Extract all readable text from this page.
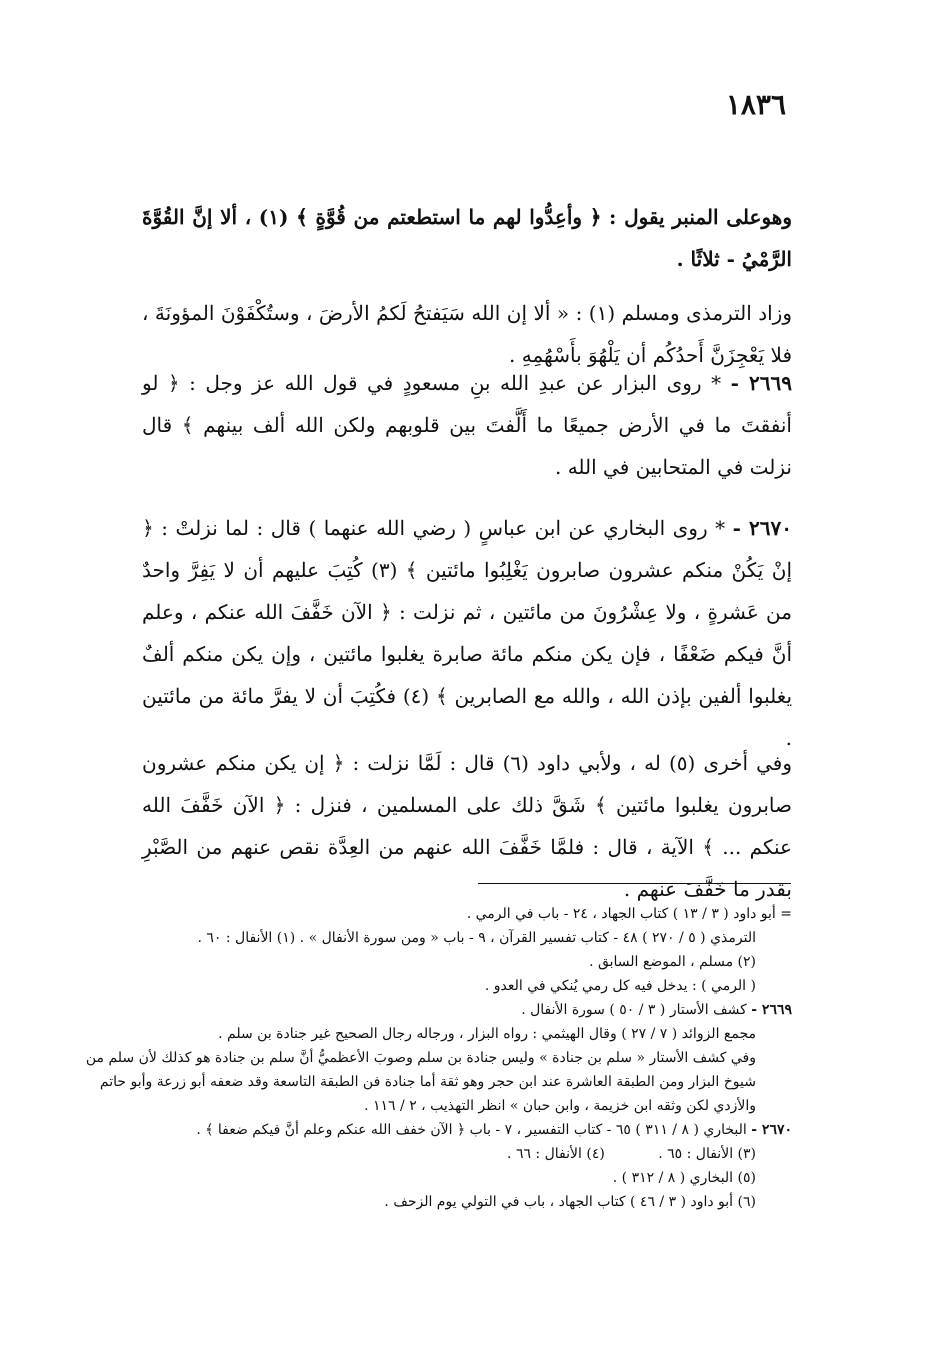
١٨٣٦

وهوعلى المنبر يقول : ﴿ وأعِدُّوا لهم ما استطعتم من قُوَّةٍ ﴾ (١) ، ألا إنَّ القُوَّةَ الرَّمْيُ - ثلاثًا .

وزاد الترمذى ومسلم (١) : « ألا إن الله سَيَفتحُ لَكمُ الأرضَ ، وستُكْفَوْنَ المؤونَةَ ، فلا يَعْجِزَنَّ أَحدُكُم أن يَلْهُوَ بأَسْهُمِهِ .

٢٦٦٩ - * روى البزار عن عبدِ الله بنِ مسعودٍ في قول الله عز وجل : ﴿ لو أنفقتَ ما في الأرض جميعًا ما أَلَّفتَ بين قلوبهم ولكن الله ألف بينهم ﴾ قال نزلت في المتحابين في الله .

٢٦٧٠ - * روى البخاري عن ابن عباسٍ ( رضي الله عنهما ) قال : لما نزلتْ : ﴿ إنْ يَكُنْ منكم عشرون صابرون يَغْلِبُوا مائتين ﴾ (٣) كُتِبَ عليهم أن لا يَفِرَّ واحدٌ من عَشرةٍ ، ولا عِشْرُونَ من مائتين ، ثم نزلت : ﴿ الآن خَفَّفَ الله عنكم ، وعلم أنَّ فيكم ضَعْفًا ، فإن يكن منكم مائة صابرة يغلبوا مائتين ، وإن يكن منكم ألفٌ يغلبوا ألفين بإذن الله ، والله مع الصابرين ﴾ (٤) فكُتِبَ أن لا يفرَّ مائة من مائتين .

وفي أخرى (٥) له ، ولأبي داود (٦) قال : لَمَّا نزلت : ﴿ إن يكن منكم عشرون صابرون يغلبوا مائتين ﴾ شَقَّ ذلك على المسلمين ، فنزل : ﴿ الآن خَفَّفَ الله عنكم ... ﴾ الآية ، قال : فلمَّا خَفَّفَ الله عنهم من العِدَّة نقص عنهم من الصَّبْرِ بقدر ما خَفَّفَ عنهم .

= أبو داود ( ٣ / ١٣ ) كتاب الجهاد ، ٢٤ - باب في الرمي .

الترمذي ( ٥ / ٢٧٠ ) ٤٨ - كتاب تفسير القرآن ، ٩ - باب « ومن سورة الأنفال » . (١) الأنفال : ٦٠ .

(٢) مسلم ، الموضع السابق .

( الرمي ) : يدخل فيه كل رمي يُنكي في العدو .

٢٦٦٩ - كشف الأستار ( ٣ / ٥٠ ) سورة الأنفال .

مجمع الزوائد ( ٧ / ٢٧ ) وقال الهيثمي : رواه البزار ، ورجاله رجال الصحيح غير جنادة بن سلم .

وفي كشف الأستار « سلم بن جنادة » وليس جنادة بن سلم وصوبَ الأعظميُّ أنَّ سلم بن جنادة هو كذلك لأن سلم من شيوخ البزار ومن الطبقة العاشرة عند ابن حجر وهو ثقة أما جنادة فن الطبقة التاسعة وقد ضعفه أبو زرعة وأبو حاتم والأزدي لكن وثقه ابن خزيمة ، وابن حبان » انظر التهذيب ، ٢ / ١١٦ .

٢٦٧٠ - البخاري ( ٨ / ٣١١ ) ٦٥ - كتاب التفسير ، ٧ - باب ﴿ الآن خفف الله عنكم وعلم أنَّ فيكم ضعفا ﴾ .

(٣) الأنفال : ٦٥ .            (٤) الأنفال : ٦٦ .

(٥) البخاري ( ٨ / ٣١٢ ) .

(٦) أبو داود ( ٣ / ٤٦ ) كتاب الجهاد ، باب في التولي يوم الزحف .
